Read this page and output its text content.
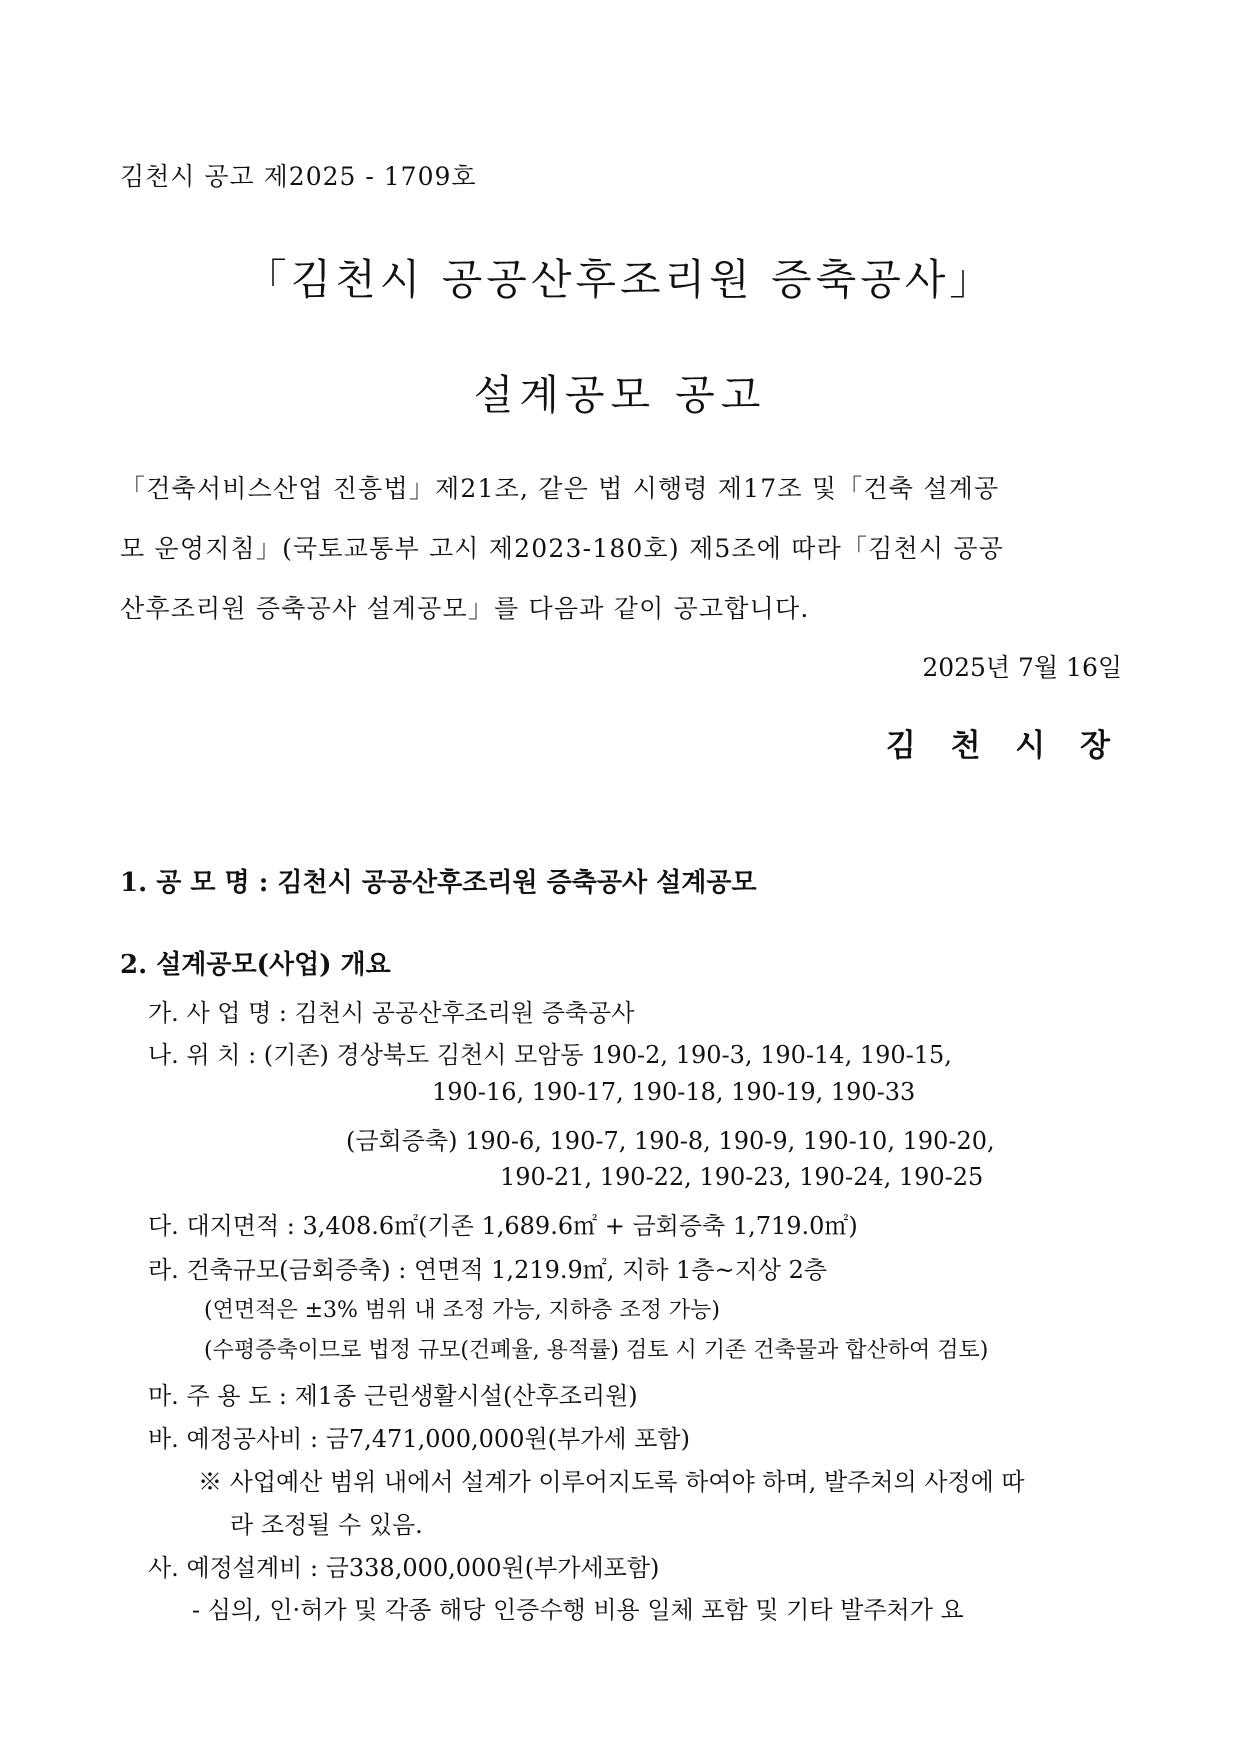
김천시 공고 제2025 - 1709호
「김천시 공공산후조리원 증축공사」
설계공모 공고
「건축서비스산업 진흥법」제21조, 같은 법 시행령 제17조 및「건축 설계공
모 운영지침」(국토교통부 고시 제2023-180호) 제5조에 따라「김천시 공공
산후조리원 증축공사 설계공모」를 다음과 같이 공고합니다.
2025년 7월 16일
김 천 시 장
1. 공 모 명 : 김천시 공공산후조리원 증축공사 설계공모
2. 설계공모(사업) 개요
가. 사 업 명 : 김천시 공공산후조리원 증축공사
나. 위 치 : (기존) 경상북도 김천시 모암동 190-2, 190-3, 190-14, 190-15,
190-16, 190-17, 190-18, 190-19, 190-33
(금회증축) 190-6, 190-7, 190-8, 190-9, 190-10, 190-20,
190-21, 190-22, 190-23, 190-24, 190-25
다. 대지면적 : 3,408.6㎡(기존 1,689.6㎡ + 금회증축 1,719.0㎡)
라. 건축규모(금회증축) : 연면적 1,219.9㎡, 지하 1층~지상 2층
(연면적은 ±3% 범위 내 조정 가능, 지하층 조정 가능)
(수평증축이므로 법정 규모(건폐율, 용적률) 검토 시 기존 건축물과 합산하여 검토)
마. 주 용 도 : 제1종 근린생활시설(산후조리원)
바. 예정공사비 : 금7,471,000,000원(부가세 포함)
※ 사업예산 범위 내에서 설계가 이루어지도록 하여야 하며, 발주처의 사정에 따
라 조정될 수 있음.
사. 예정설계비 : 금338,000,000원(부가세포함)
- 심의, 인·허가 및 각종 해당 인증수행 비용 일체 포함 및 기타 발주처가 요
